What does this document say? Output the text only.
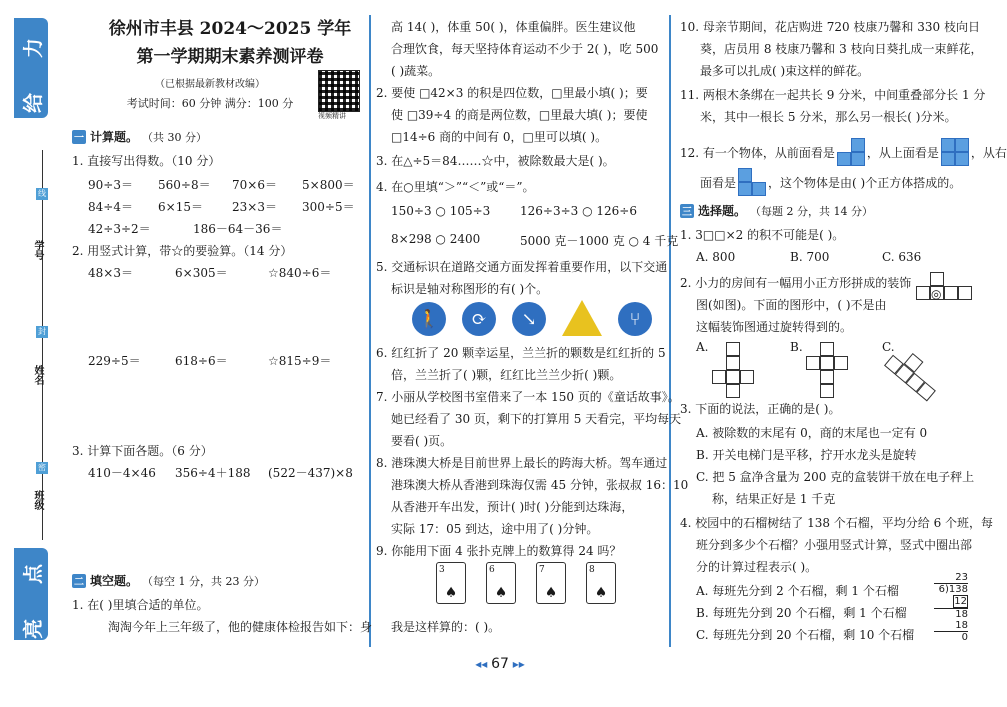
给 力
亮 点
学号
姓名
班级
线
封
密
徐州市丰县 2024～2025 学年
第一学期期末素养测评卷
（已根据最新教材改编）
考试时间：60 分钟 满分：100 分
视频精讲
一 计算题。 （共 30 分）
1. 直接写出得数。（10 分）
90÷3＝ 560÷8＝ 70×6＝ 5×800＝
84÷4＝ 6×15＝ 23×3＝ 300÷5＝
42÷3÷2＝	186－64－36＝
2. 用竖式计算，带☆的要验算。（14 分）
48×3＝	6×305＝	☆840÷6＝
229÷5＝	618÷6＝	☆815÷9＝
3. 计算下面各题。（6 分）
410－4×46 356÷4＋188 (522－437)×8
二 填空题。 （每空 1 分，共 23 分）
1. 在( )里填合适的单位。
淘淘今年上三年级了，他的健康体检报告如下：身
高 14( )，体重 50( )，体重偏胖。医生建议他
合理饮食，每天坚持体育运动不少于 2( )，吃 500
( )蔬菜。
2. 要使 □42×3 的积是四位数，□里最小填( )；要
使 □39÷4 的商是两位数，□里最大填( )；要使
□14÷6 商的中间有 0，□里可以填( )。
3. 在△÷5＝84……☆中，被除数最大是( )。
4. 在○里填“＞”“＜”或“＝”。
150÷3 ○ 105÷3 126÷3÷3 ○ 126÷6
8×298 ○ 2400	5000 克－1000 克 ○ 4 千克
5. 交通标识在道路交通方面发挥着重要作用，以下交通
标识是轴对称图形的有( )个。
🚶	⟳	↘	⑂
6. 红红折了 20 颗幸运星，兰兰折的颗数是红红折的 5
倍，兰兰折了( )颗，红红比兰兰少折( )颗。
7. 小丽从学校图书室借来了一本 150 页的《童话故事》。
她已经看了 30 页，剩下的打算用 5 天看完，平均每天
要看( )页。
8. 港珠澳大桥是目前世界上最长的跨海大桥。驾车通过
港珠澳大桥从香港到珠海仅需 45 分钟，张叔叔 16：10
从香港开车出发，预计( )时( )分能到达珠海，
实际 17：05 到达，途中用了( )分钟。
9. 你能用下面 4 张扑克牌上的数算得 24 吗？
3
♠
6
♠
7
♠
8
♠
我是这样算的：( )。
10. 母亲节期间，花店购进 720 枝康乃馨和 330 枝向日
葵，店员用 8 枝康乃馨和 3 枝向日葵扎成一束鲜花，
最多可以扎成( )束这样的鲜花。
11. 两根木条绑在一起共长 9 分米，中间重叠部分长 1 分
米，其中一根长 5 分米，那么另一根长( )分米。
12. 有一个物体，从前面看是	，从上面看是	，从右
面看是	，这个物体是由( )个正方体搭成的。
三 选择题。 （每题 2 分，共 14 分）
1. 3□□×2 的积不可能是( )。
A. 800	B. 700	C. 636
2. 小力的房间有一幅用小正方形拼成的装饰
图(如图)。下面的图形中，( )不是由
这幅装饰图通过旋转得到的。
◎
A.	B.	C.
3. 下面的说法，正确的是( )。
A. 被除数的末尾有 0，商的末尾也一定有 0
B. 开关电梯门是平移，拧开水龙头是旋转
C. 把 5 盒净含量为 200 克的盒装饼干放在电子秤上
称，结果正好是 1 千克
4. 校园中的石榴树结了 138 个石榴，平均分给 6 个班，每
班分到多少个石榴？小强用竖式计算，竖式中圈出部
分的计算过程表示( )。
A. 每班先分到 2 个石榴，剩 1 个石榴
B. 每班先分到 20 个石榴，剩 1 个石榴
C. 每班先分到 20 个石榴，剩 10 个石榴
23
6)138
12
18
18
0
◂◂ 67 ▸▸
